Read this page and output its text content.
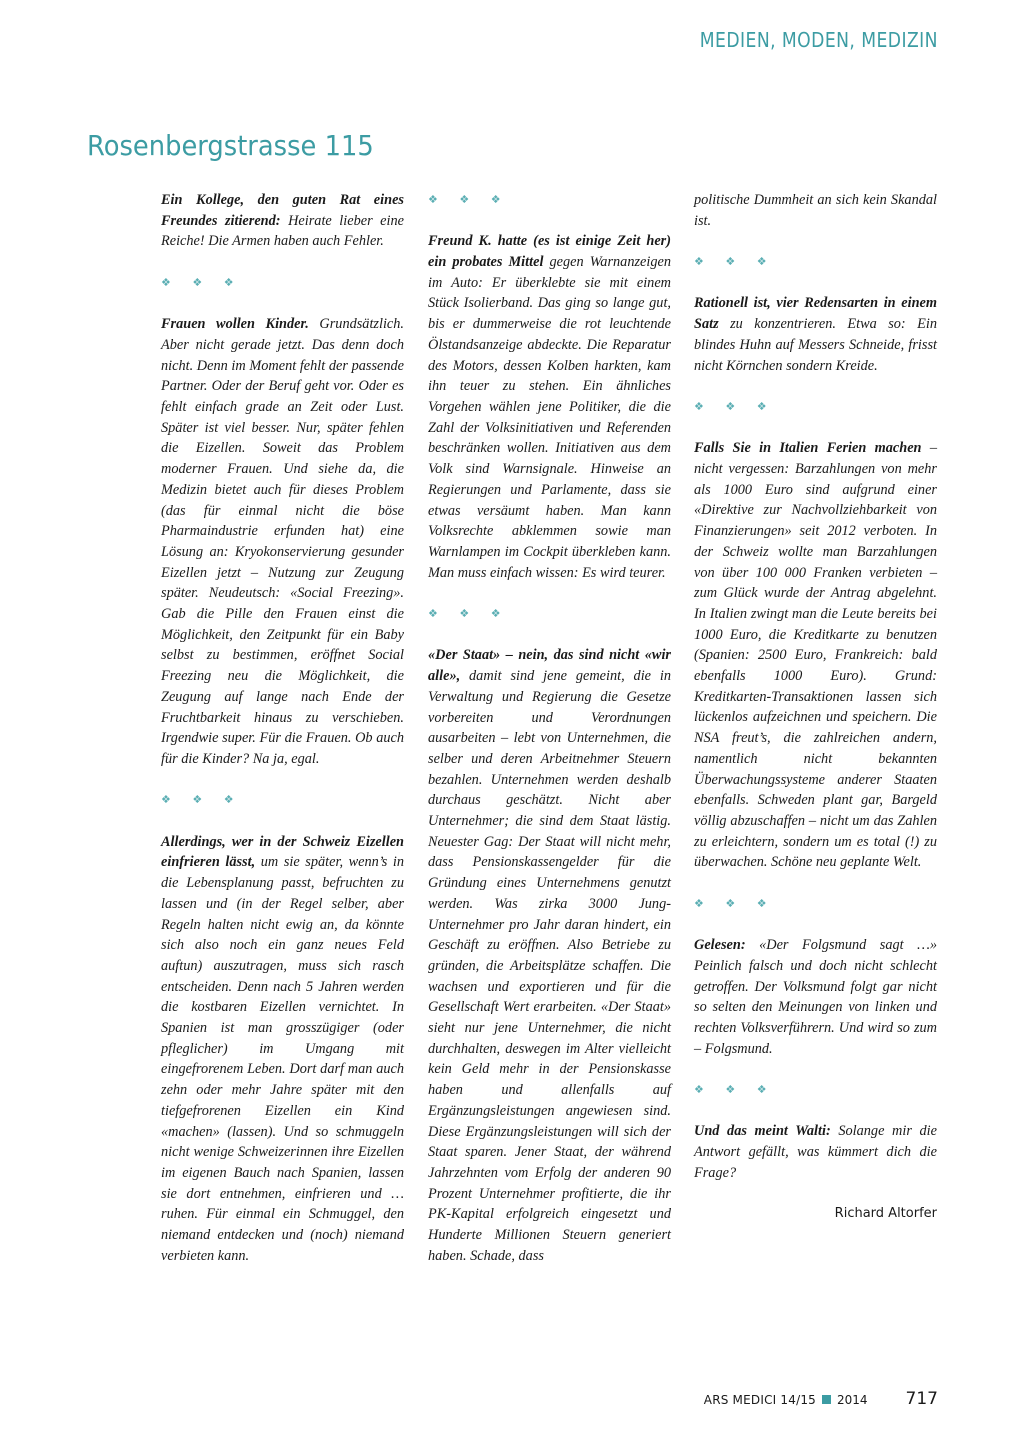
MEDIEN, MODEN, MEDIZIN
Rosenbergstrasse 115

Ein Kollege, den guten Rat eines Freundes zitierend: Heirate lieber eine Reiche! Die Armen haben auch Fehler.

❖ ❖ ❖

Frauen wollen Kinder. Grundsätzlich. Aber nicht gerade jetzt. Das denn doch nicht. Denn im Moment fehlt der passende Partner. Oder der Beruf geht vor. Oder es fehlt einfach grade an Zeit oder Lust. Später ist viel besser. Nur, später fehlen die Eizellen. Soweit das Problem moderner Frauen. Und siehe da, die Medizin bietet auch für dieses Problem (das für einmal nicht die böse Pharmaindustrie erfunden hat) eine Lösung an: Kryokonservierung gesunder Eizellen jetzt – Nutzung zur Zeugung später. Neudeutsch: «Social Freezing». Gab die Pille den Frauen einst die Möglichkeit, den Zeitpunkt für ein Baby selbst zu bestimmen, eröffnet Social Freezing neu die Möglichkeit, die Zeugung auf lange nach Ende der Fruchtbarkeit hinaus zu verschieben. Irgendwie super. Für die Frauen. Ob auch für die Kinder? Na ja, egal.

❖ ❖ ❖

Allerdings, wer in der Schweiz Eizellen einfrieren lässt, um sie später, wenn’s in die Lebensplanung passt, befruchten zu lassen und (in der Regel selber, aber Regeln halten nicht ewig an, da könnte sich also noch ein ganz neues Feld auftun) auszutragen, muss sich rasch entscheiden. Denn nach 5 Jahren werden die kostbaren Eizellen vernichtet. In Spanien ist man grosszügiger (oder pfleglicher) im Umgang mit eingefrorenem Leben. Dort darf man auch zehn oder mehr Jahre später mit den tiefgefrorenen Eizellen ein Kind «machen» (lassen). Und so schmuggeln nicht wenige Schweizerinnen ihre Eizellen im eigenen Bauch nach Spanien, lassen sie dort entnehmen, einfrieren und … ruhen. Für einmal ein Schmuggel, den niemand entdecken und (noch) niemand verbieten kann.

❖ ❖ ❖

Freund K. hatte (es ist einige Zeit her) ein probates Mittel gegen Warnanzeigen im Auto: Er überklebte sie mit einem Stück Isolierband. Das ging so lange gut, bis er dummerweise die rot leuchtende Ölstandsanzeige abdeckte. Die Reparatur des Motors, dessen Kolben harkten, kam ihn teuer zu stehen. Ein ähnliches Vorgehen wählen jene Politiker, die die Zahl der Volksinitiativen und Referenden beschränken wollen. Initiativen aus dem Volk sind Warnsignale. Hinweise an Regierungen und Parlamente, dass sie etwas versäumt haben. Man kann Volksrechte abklemmen sowie man Warnlampen im Cockpit überkleben kann. Man muss einfach wissen: Es wird teurer.

❖ ❖ ❖

«Der Staat» – nein, das sind nicht «wir alle», damit sind jene gemeint, die in Verwaltung und Regierung die Gesetze vorbereiten und Verordnungen ausarbeiten – lebt von Unternehmen, die selber und deren Arbeitnehmer Steuern bezahlen. Unternehmen werden deshalb durchaus geschätzt. Nicht aber Unternehmer; die sind dem Staat lästig. Neuester Gag: Der Staat will nicht mehr, dass Pensionskassengelder für die Gründung eines Unternehmens genutzt werden. Was zirka 3000 Jung-Unternehmer pro Jahr daran hindert, ein Geschäft zu eröffnen. Also Betriebe zu gründen, die Arbeitsplätze schaffen. Die wachsen und exportieren und für die Gesellschaft Wert erarbeiten. «Der Staat» sieht nur jene Unternehmer, die nicht durchhalten, deswegen im Alter vielleicht kein Geld mehr in der Pensionskasse haben und allenfalls auf Ergänzungsleistungen angewiesen sind. Diese Ergänzungsleistungen will sich der Staat sparen. Jener Staat, der während Jahrzehnten vom Erfolg der anderen 90 Prozent Unternehmer profitierte, die ihr PK-Kapital erfolgreich eingesetzt und Hunderte Millionen Steuern generiert haben. Schade, dass

politische Dummheit an sich kein Skandal ist.

❖ ❖ ❖

Rationell ist, vier Redensarten in einem Satz zu konzentrieren. Etwa so: Ein blindes Huhn auf Messers Schneide, frisst nicht Körnchen sondern Kreide.

❖ ❖ ❖

Falls Sie in Italien Ferien machen – nicht vergessen: Barzahlungen von mehr als 1000 Euro sind aufgrund einer «Direktive zur Nachvollziehbarkeit von Finanzierungen» seit 2012 verboten. In der Schweiz wollte man Barzahlungen von über 100 000 Franken verbieten – zum Glück wurde der Antrag abgelehnt. In Italien zwingt man die Leute bereits bei 1000 Euro, die Kreditkarte zu benutzen (Spanien: 2500 Euro, Frankreich: bald ebenfalls 1000 Euro). Grund: Kreditkarten-Transaktionen lassen sich lückenlos aufzeichnen und speichern. Die NSA freut’s, die zahlreichen andern, namentlich nicht bekannten Überwachungssysteme anderer Staaten ebenfalls. Schweden plant gar, Bargeld völlig abzuschaffen – nicht um das Zahlen zu erleichtern, sondern um es total (!) zu überwachen. Schöne neu geplante Welt.

❖ ❖ ❖

Gelesen: «Der Folgsmund sagt …» Peinlich falsch und doch nicht schlecht getroffen. Der Volksmund folgt gar nicht so selten den Meinungen von linken und rechten Volksverführern. Und wird so zum – Folgsmund.

❖ ❖ ❖

Und das meint Walti: Solange mir die Antwort gefällt, was kümmert dich die Frage?

Richard Altorfer
ARS MEDICI 14/15 2014 717
